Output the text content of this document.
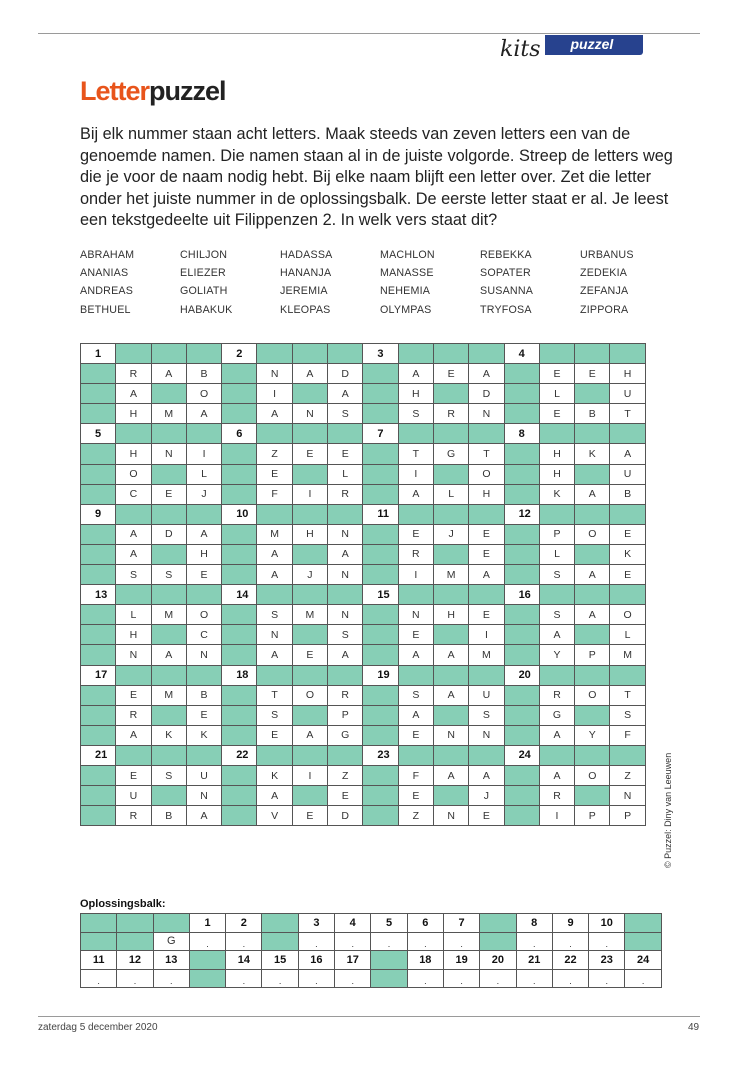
kits	puzzel
Letterpuzzel

Bij elk nummer staan acht letters. Maak steeds van zeven letters een van de genoemde namen. Die namen staan al in de juiste volgorde. Streep de letters weg die je voor de naam nodig hebt. Bij elke naam blijft een letter over. Zet die letter onder het juiste nummer in de oplossingsbalk. De eerste letter staat er al. Je leest een tekstgedeelte uit Filippenzen 2. In welk vers staat dit?

ABRAHAM	CHILJON	HADASSA	MACHLON	REBEKKA	URBANUS
ANANIAS	ELIEZER	HANANJA	MANASSE	SOPATER	ZEDEKIA
ANDREAS	GOLIATH	JEREMIA	NEHEMIA	SUSANNA	ZEFANJA
BETHUEL	HABAKUK	KLEOPAS	OLYMPAS	TRYFOSA	ZIPPORA
1				2				3				4			
	R	A	B		N	A	D		A	E	A		E	E	H
	A		O		I		A		H		D		L		U
	H	M	A		A	N	S		S	R	N		E	B	T
5				6				7				8			
	H	N	I		Z	E	E		T	G	T		H	K	A
	O		L		E		L		I		O		H		U
	C	E	J		F	I	R		A	L	H		K	A	B
9				10				11				12			
	A	D	A		M	H	N		E	J	E		P	O	E
	A		H		A		A		R		E		L		K
	S	S	E		A	J	N		I	M	A		S	A	E
13				14				15				16			
	L	M	O		S	M	N		N	H	E		S	A	O
	H		C		N		S		E		I		A		L
	N	A	N		A	E	A		A	A	M		Y	P	M
17				18				19				20			
	E	M	B		T	O	R		S	A	U		R	O	T
	R		E		S		P		A		S		G		S
	A	K	K		E	A	G		E	N	N		A	Y	F
21				22				23				24			
	E	S	U		K	I	Z		F	A	A		A	O	Z
	U		N		A		E		E		J		R		N
	R	B	A		V	E	D		Z	N	E		I	P	P	© Puzzel: Diny van Leeuwen
Oplossingsbalk:
			1	2		3	4	5	6	7		8	9	10	
		G	.	.		.	.	.	.	.		.	.	.	
11	12	13		14	15	16	17		18	19	20	21	22	23	24
.	.	.		.	.	.	.		.	.	.	.	.	.	.
zaterdag 5 december 2020	49
